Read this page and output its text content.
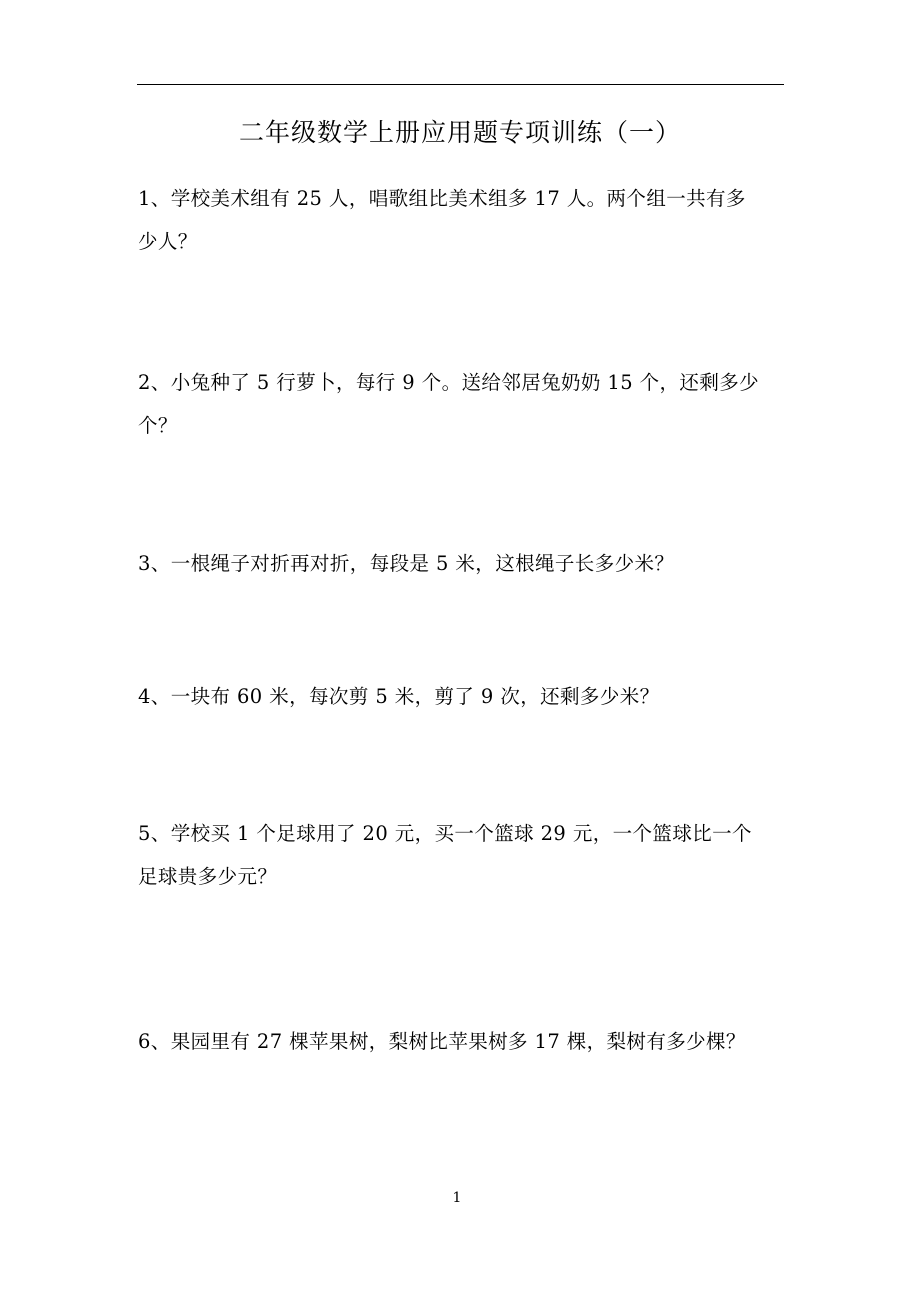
二年级数学上册应用题专项训练（一）
1、学校美术组有 25 人，唱歌组比美术组多 17 人。两个组一共有多
少人？
2、小兔种了 5 行萝卜，每行 9 个。送给邻居兔奶奶 15 个，还剩多少
个？
3、一根绳子对折再对折，每段是 5 米，这根绳子长多少米？
4、一块布 60 米，每次剪 5 米，剪了 9 次，还剩多少米？
5、学校买 1 个足球用了 20 元，买一个篮球 29 元，一个篮球比一个
足球贵多少元？
6、果园里有 27 棵苹果树，梨树比苹果树多 17 棵，梨树有多少棵？
1
